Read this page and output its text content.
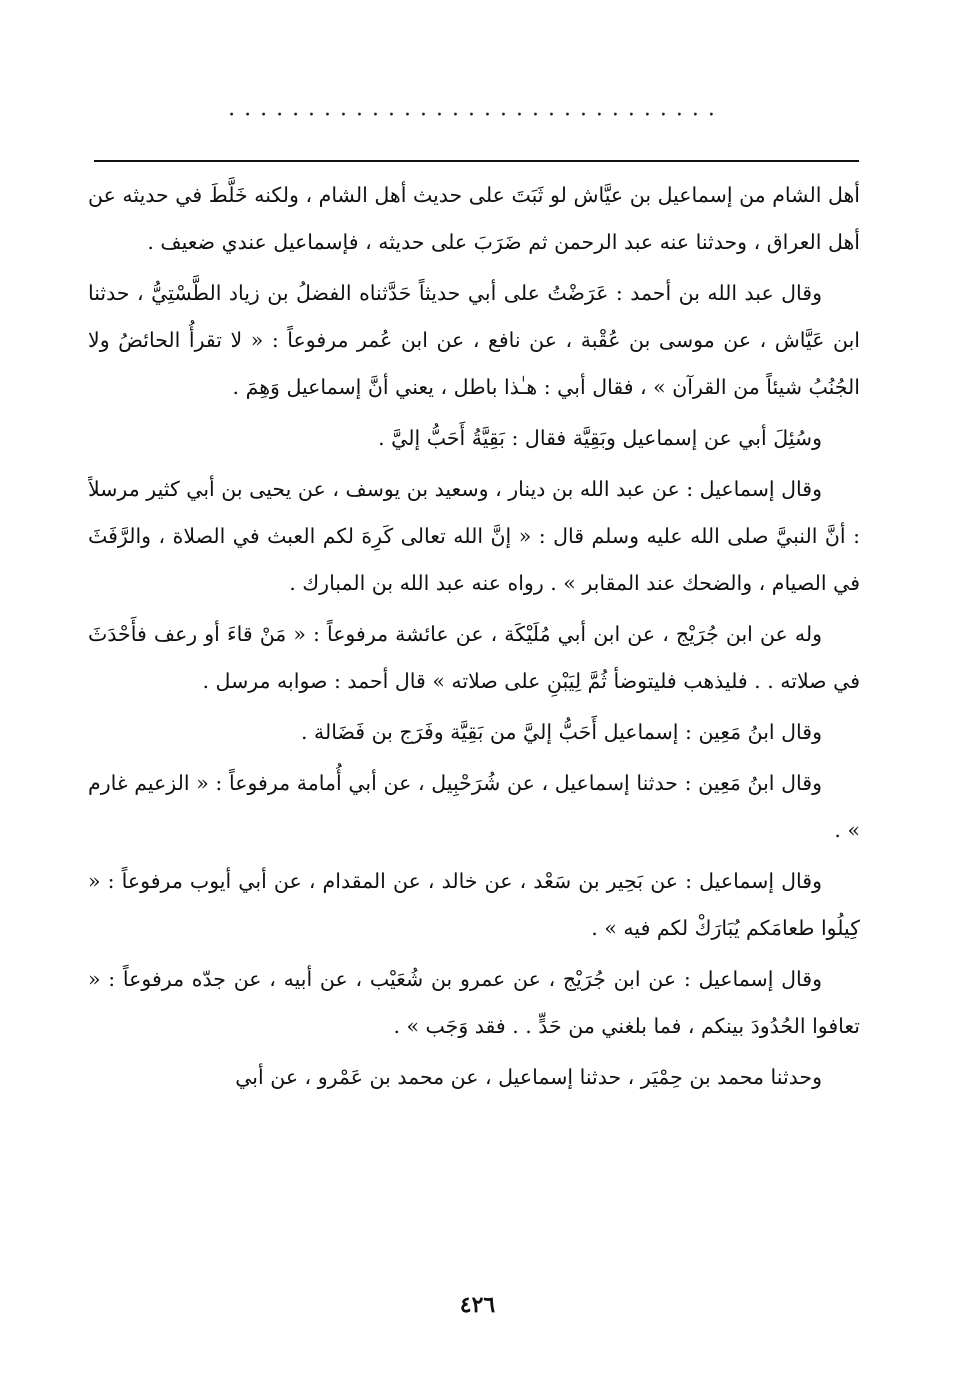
·······························

أهل الشام من إسماعيل بن عيَّاش لو ثَبَتَ على حديث أهل الشام ، ولكنه خَلَّطَ في حديثه عن أهل العراق ، وحدثنا عنه عبد الرحمن ثم ضَرَبَ على حديثه ، فإسماعيل عندي ضعيف .

وقال عبد الله بن أحمد : عَرَضْتُ على أبي حديثاً حَدَّثناه الفضلُ بن زياد الطَّسْتِيُّ ، حدثنا ابن عَيَّاش ، عن موسى بن عُقْبة ، عن نافع ، عن ابن عُمر مرفوعاً : « لا تقرأُ الحائضُ ولا الجُنُبُ شيئاً من القرآن » ، فقال أبي : هـٰذا باطل ، يعني أنَّ إسماعيل وَهِمَ .

وسُئِلَ أبي عن إسماعيل وبَقِيَّة فقال : بَقِيَّةُ أَحَبُّ إليَّ .

وقال إسماعيل : عن عبد الله بن دينار ، وسعيد بن يوسف ، عن يحيى بن أبي كثير مرسلاً : أنَّ النبيَّ صلى الله عليه وسلم قال : « إنَّ الله تعالى كَرِهَ لكم العبث في الصلاة ، والرَّفَثَ في الصيام ، والضحك عند المقابر » . رواه عنه عبد الله بن المبارك .

وله عن ابن جُرَيْج ، عن ابن أبي مُلَيْكَة ، عن عائشة مرفوعاً : « مَنْ قاءَ أو رعف فأَحْدَثَ في صلاته . . فليذهب فليتوضأ ثُمَّ لِيَبْنِ على صلاته » قال أحمد : صوابه مرسل .

وقال ابنُ مَعِين : إسماعيل أَحَبُّ إليَّ من بَقِيَّة وفَرَج بن فَضَالة .

وقال ابنُ مَعِين : حدثنا إسماعيل ، عن شُرَحْبِيل ، عن أبي أُمامة مرفوعاً : « الزعيم غارم » .

وقال إسماعيل : عن بَحِير بن سَعْد ، عن خالد ، عن المقدام ، عن أبي أيوب مرفوعاً : « كِيلُوا طعامَكم يُبَارَكْ لكم فيه » .

وقال إسماعيل : عن ابن جُرَيْج ، عن عمرو بن شُعَيْب ، عن أبيه ، عن جدّه مرفوعاً : « تعافوا الحُدُودَ بينكم ، فما بلغني من حَدٍّ . . فقد وَجَب » .

وحدثنا محمد بن حِمْيَر ، حدثنا إسماعيل ، عن محمد بن عَمْرو ، عن أبي

٤٢٦
